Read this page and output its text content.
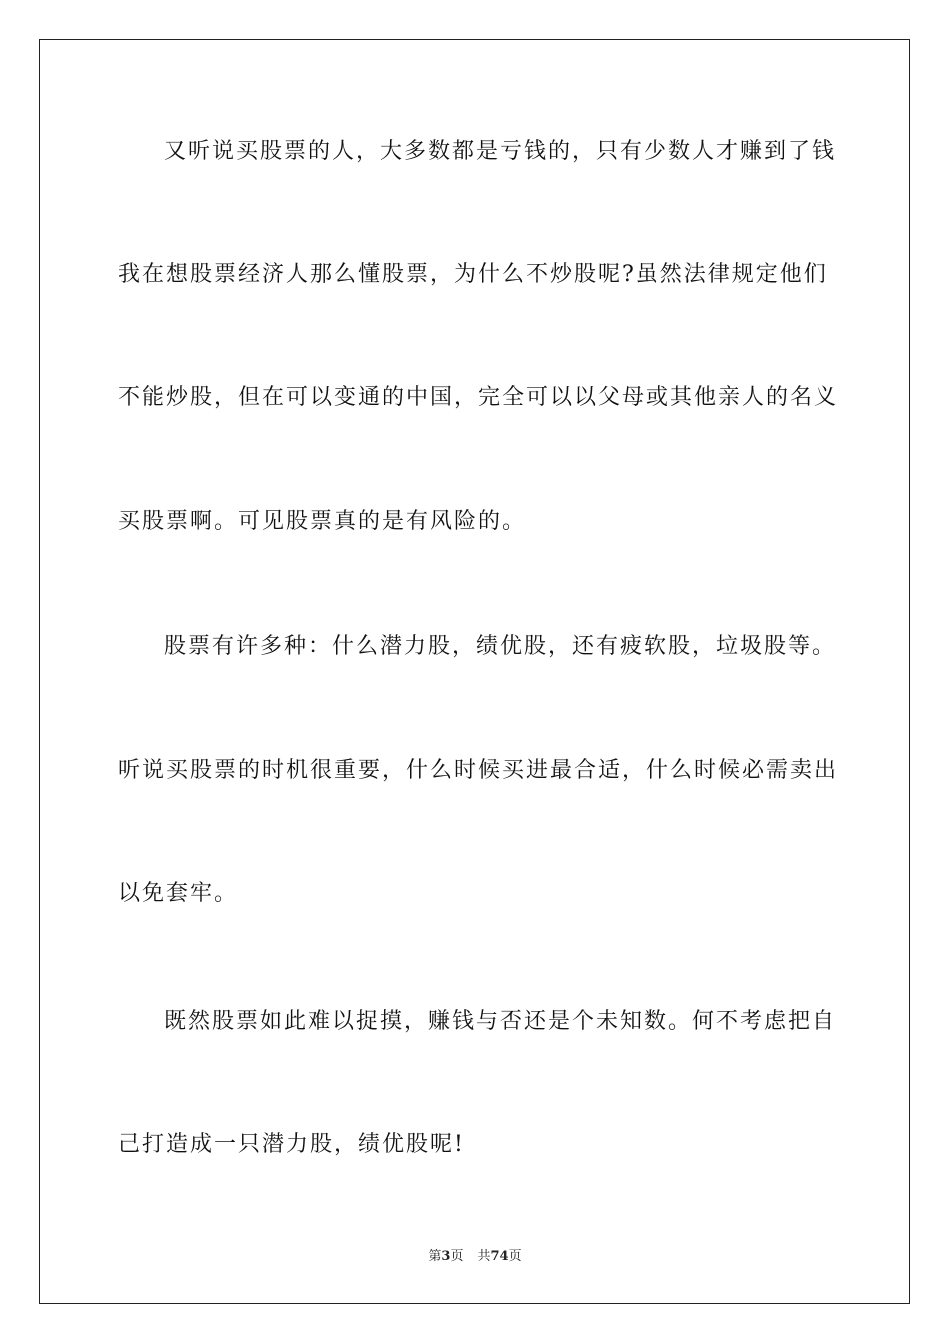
又听说买股票的人，大多数都是亏钱的，只有少数人才赚到了钱
我在想股票经济人那么懂股票，为什么不炒股呢?虽然法律规定他们
不能炒股，但在可以变通的中国，完全可以以父母或其他亲人的名义
买股票啊。可见股票真的是有风险的。
股票有许多种：什么潜力股，绩优股，还有疲软股，垃圾股等。
听说买股票的时机很重要，什么时候买进最合适，什么时候必需卖出
以免套牢。
既然股票如此难以捉摸，赚钱与否还是个未知数。何不考虑把自
己打造成一只潜力股，绩优股呢!
第3页 共74页
